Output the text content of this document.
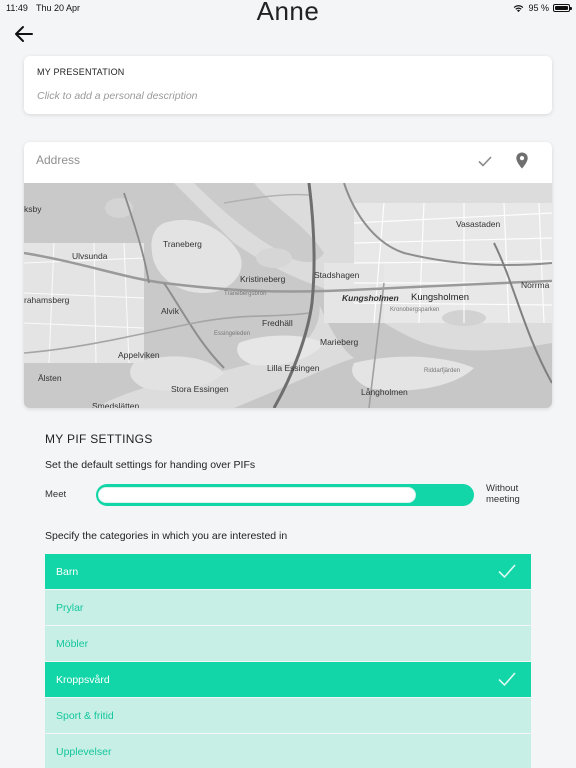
11:49 Thu 20 Apr	95 %
Anne
MY PRESENTATION
Click to add a personal description
Address
ksby
Vasastaden
Traneberg
Ulvsunda
Kristineberg	Stadshagen
Kungsholmen Kungsholmen
Norrma
rahamsberg
Alvik
Fredhäll
Appelviken
Marieberg
Lilla Essingen
Älsten
Stora Essingen	Långholmen
Smedslätten
Tranebergsbron
Essingeleden
Riddarfjärden
Kronobergsparken
MY PIF SETTINGS
Set the default settings for handing over PIFs
Meet
Without
meeting
Specify the categories in which you are interested in
Barn
Prylar
Möbler
Kroppsvård
Sport & fritid
Upplevelser
